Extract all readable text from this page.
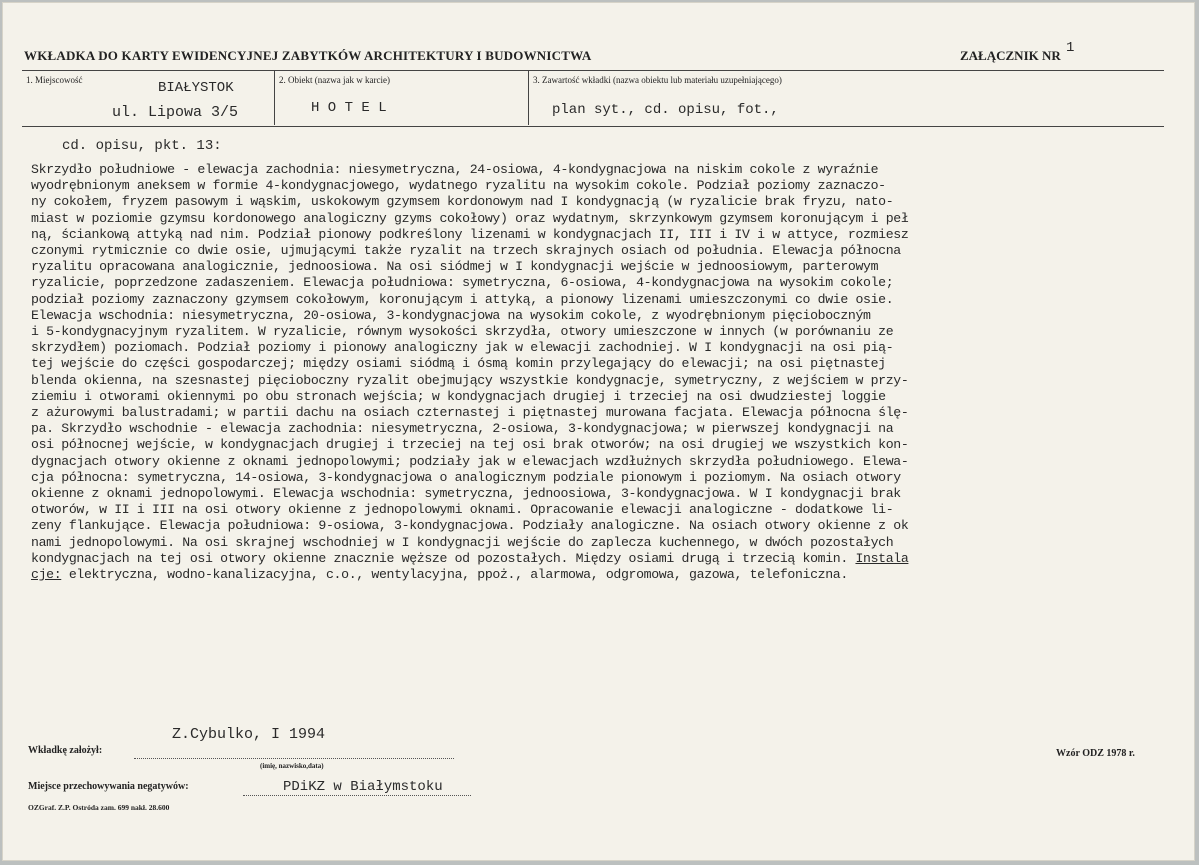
WKŁADKA DO KARTY EWIDENCYJNEJ ZABYTKÓW ARCHITEKTURY I BUDOWNICTWA	ZAŁĄCZNIK NR 1
1. Miejscowość	BIAŁYSTOK
ul. Lipowa 3/5
2. Obiekt (nazwa jak w karcie)
H O T E L
3. Zawartość wkładki (nazwa obiektu lub materiału uzupełniającego)
plan syt., cd. opisu, fot.,
cd. opisu, pkt. 13:
Skrzydło południowe - elewacja zachodnia: niesymetryczna, 24-osiowa, 4-kondygnacjowa na niskim cokole z wyraźnie
wyodrębnionym aneksem w formie 4-kondygnacjowego, wydatnego ryzalitu na wysokim cokole. Podział poziomy zaznaczo-
ny cokołem, fryzem pasowym i wąskim, uskokowym gzymsem kordonowym nad I kondygnacją (w ryzalicie brak fryzu, nato-
miast w poziomie gzymsu kordonowego analogiczny gzyms cokołowy) oraz wydatnym, skrzynkowym gzymsem koronującym i peł
ną, ściankową attyką nad nim. Podział pionowy podkreślony lizenami w kondygnacjach II, III i IV i w attyce, rozmiesz
czonymi rytmicznie co dwie osie, ujmującymi także ryzalit na trzech skrajnych osiach od południa. Elewacja północna
ryzalitu opracowana analogicznie, jednoosiowa. Na osi siódmej w I kondygnacji wejście w jednoosiowym, parterowym
ryzalicie, poprzedzone zadaszeniem. Elewacja południowa: symetryczna, 6-osiowa, 4-kondygnacjowa na wysokim cokole;
podział poziomy zaznaczony gzymsem cokołowym, koronującym i attyką, a pionowy lizenami umieszczonymi co dwie osie.
Elewacja wschodnia: niesymetryczna, 20-osiowa, 3-kondygnacjowa na wysokim cokole, z wyodrębnionym pięcioboczným
i 5-kondygnacyjnym ryzalitem. W ryzalicie, równym wysokości skrzydła, otwory umieszczone w innych (w porównaniu ze
skrzydłem) poziomach. Podział poziomy i pionowy analogiczny jak w elewacji zachodniej. W I kondygnacji na osi pią-
tej wejście do części gospodarczej; między osiami siódmą i ósmą komin przylegający do elewacji; na osi piętnastej
blenda okienna, na szesnastej pięcioboczny ryzalit obejmujący wszystkie kondygnacje, symetryczny, z wejściem w przy-
ziemiu i otworami okiennymi po obu stronach wejścia; w kondygnacjach drugiej i trzeciej na osi dwudziestej loggie
z ażurowymi balustradami; w partii dachu na osiach czternastej i piętnastej murowana facjata. Elewacja północna ślę-
pa. Skrzydło wschodnie - elewacja zachodnia: niesymetryczna, 2-osiowa, 3-kondygnacjowa; w pierwszej kondygnacji na
osi północnej wejście, w kondygnacjach drugiej i trzeciej na tej osi brak otworów; na osi drugiej we wszystkich kon-
dygnacjach otwory okienne z oknami jednopolowymi; podziały jak w elewacjach wzdłużnych skrzydła południowego. Elewa-
cja północna: symetryczna, 14-osiowa, 3-kondygnacjowa o analogicznym podziale pionowym i poziomym. Na osiach otwory
okienne z oknami jednopolowymi. Elewacja wschodnia: symetryczna, jednoosiowa, 3-kondygnacjowa. W I kondygnacji brak
otworów, w II i III na osi otwory okienne z jednopolowymi oknami. Opracowanie elewacji analogiczne - dodatkowe li-
zeny flankujące. Elewacja południowa: 9-osiowa, 3-kondygnacjowa. Podziały analogiczne. Na osiach otwory okienne z ok
nami jednopolowymi. Na osi skrajnej wschodniej w I kondygnacji wejście do zaplecza kuchennego, w dwóch pozostałych
kondygnacjach na tej osi otwory okienne znacznie węższe od pozostałych. Między osiami drugą i trzecią komin. Instala
cje: elektryczna, wodno-kanalizacyjna, c.o., wentylacyjna, ppoż., alarmowa, odgromowa, gazowa, telefoniczna.
Z.Cybulko, I 1994
Wkładkę założył:
(imię, nazwisko,data)
Miejsce przechowywania negatywów:	PDiKZ w Białymstoku
OZGraf. Z.P. Ostróda zam. 699 nakł. 28.600
Wzór ODZ 1978 r.
